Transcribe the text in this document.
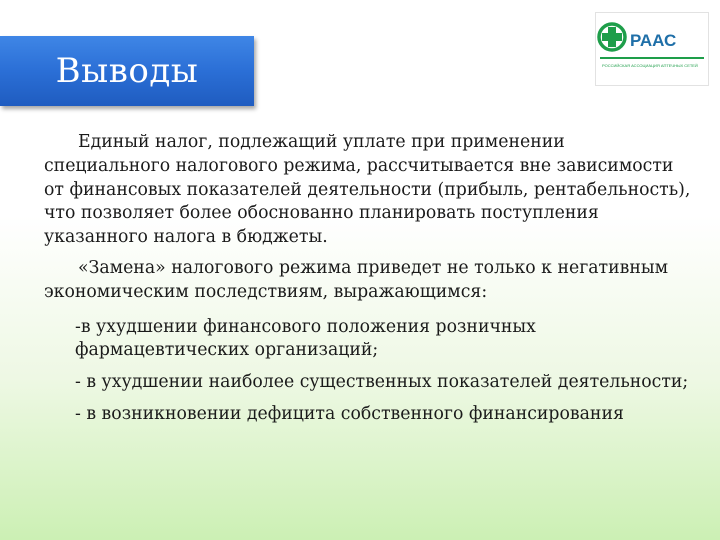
Выводы
РААС
РОССИЙСКАЯ АССОЦИАЦИЯ АПТЕЧНЫХ СЕТЕЙ

Единый налог, подлежащий уплате при применении специального налогового режима, рассчитывается вне зависимости от финансовых показателей деятельности (прибыль, рентабельность), что позволяет более обоснованно планировать поступления указанного налога в бюджеты.

«Замена» налогового режима приведет не только к негативным экономическим последствиям, выражающимся:

-в ухудшении финансового положения розничных фармацевтических организаций;
- в ухудшении наиболее существенных показателей деятельности;
- в возникновении дефицита собственного финансирования
